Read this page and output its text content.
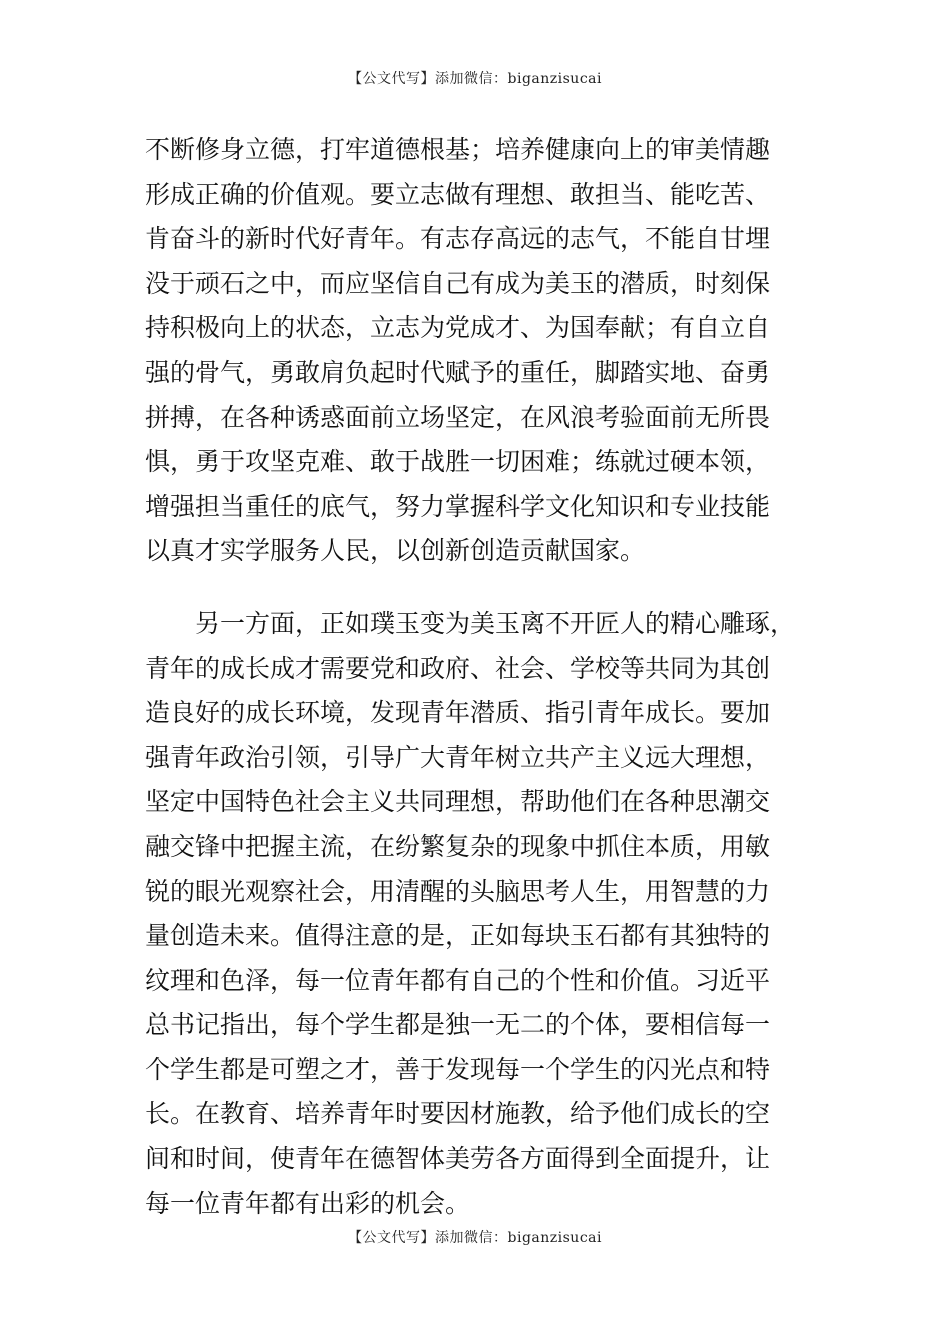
【公文代写】添加微信：biganzisucai
不断修身立德，打牢道德根基；培养健康向上的审美情趣
形成正确的价值观。要立志做有理想、敢担当、能吃苦、
肯奋斗的新时代好青年。有志存高远的志气，不能自甘埋
没于顽石之中，而应坚信自己有成为美玉的潜质，时刻保
持积极向上的状态，立志为党成才、为国奉献；有自立自
强的骨气，勇敢肩负起时代赋予的重任，脚踏实地、奋勇
拼搏，在各种诱惑面前立场坚定，在风浪考验面前无所畏
惧，勇于攻坚克难、敢于战胜一切困难；练就过硬本领，
增强担当重任的底气，努力掌握科学文化知识和专业技能
以真才实学服务人民，以创新创造贡献国家。
　　另一方面，正如璞玉变为美玉离不开匠人的精心雕琢，
青年的成长成才需要党和政府、社会、学校等共同为其创
造良好的成长环境，发现青年潜质、指引青年成长。要加
强青年政治引领，引导广大青年树立共产主义远大理想，
坚定中国特色社会主义共同理想，帮助他们在各种思潮交
融交锋中把握主流，在纷繁复杂的现象中抓住本质，用敏
锐的眼光观察社会，用清醒的头脑思考人生，用智慧的力
量创造未来。值得注意的是，正如每块玉石都有其独特的
纹理和色泽，每一位青年都有自己的个性和价值。习近平
总书记指出，每个学生都是独一无二的个体，要相信每一
个学生都是可塑之才，善于发现每一个学生的闪光点和特
长。在教育、培养青年时要因材施教，给予他们成长的空
间和时间，使青年在德智体美劳各方面得到全面提升，让
每一位青年都有出彩的机会。
【公文代写】添加微信：biganzisucai
